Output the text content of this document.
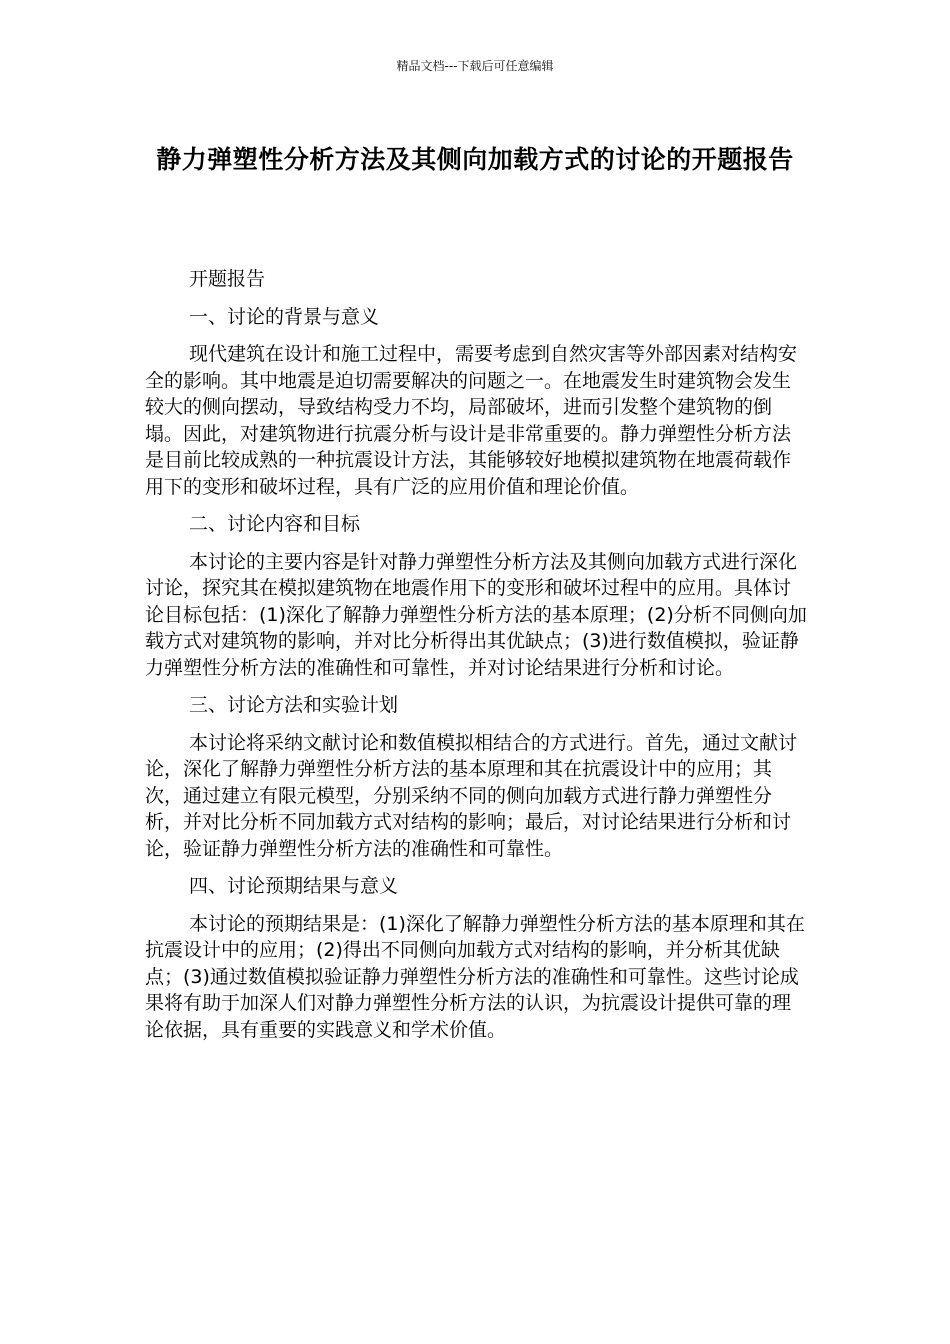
精品文档---下载后可任意编辑
静力弹塑性分析方法及其侧向加载方式的讨论的开题报告

开题报告

一、讨论的背景与意义

现代建筑在设计和施工过程中，需要考虑到自然灾害等外部因素对结构安全的影响。其中地震是迫切需要解决的问题之一。在地震发生时建筑物会发生较大的侧向摆动，导致结构受力不均，局部破坏，进而引发整个建筑物的倒塌。因此，对建筑物进行抗震分析与设计是非常重要的。静力弹塑性分析方法是目前比较成熟的一种抗震设计方法，其能够较好地模拟建筑物在地震荷载作用下的变形和破坏过程，具有广泛的应用价值和理论价值。

二、讨论内容和目标

本讨论的主要内容是针对静力弹塑性分析方法及其侧向加载方式进行深化讨论，探究其在模拟建筑物在地震作用下的变形和破坏过程中的应用。具体讨论目标包括：(1)深化了解静力弹塑性分析方法的基本原理；(2)分析不同侧向加载方式对建筑物的影响，并对比分析得出其优缺点；(3)进行数值模拟，验证静力弹塑性分析方法的准确性和可靠性，并对讨论结果进行分析和讨论。

三、讨论方法和实验计划

本讨论将采纳文献讨论和数值模拟相结合的方式进行。首先，通过文献讨论，深化了解静力弹塑性分析方法的基本原理和其在抗震设计中的应用；其次，通过建立有限元模型，分别采纳不同的侧向加载方式进行静力弹塑性分析，并对比分析不同加载方式对结构的影响；最后，对讨论结果进行分析和讨论，验证静力弹塑性分析方法的准确性和可靠性。

四、讨论预期结果与意义

本讨论的预期结果是：(1)深化了解静力弹塑性分析方法的基本原理和其在抗震设计中的应用；(2)得出不同侧向加载方式对结构的影响，并分析其优缺点；(3)通过数值模拟验证静力弹塑性分析方法的准确性和可靠性。这些讨论成果将有助于加深人们对静力弹塑性分析方法的认识，为抗震设计提供可靠的理论依据，具有重要的实践意义和学术价值。
